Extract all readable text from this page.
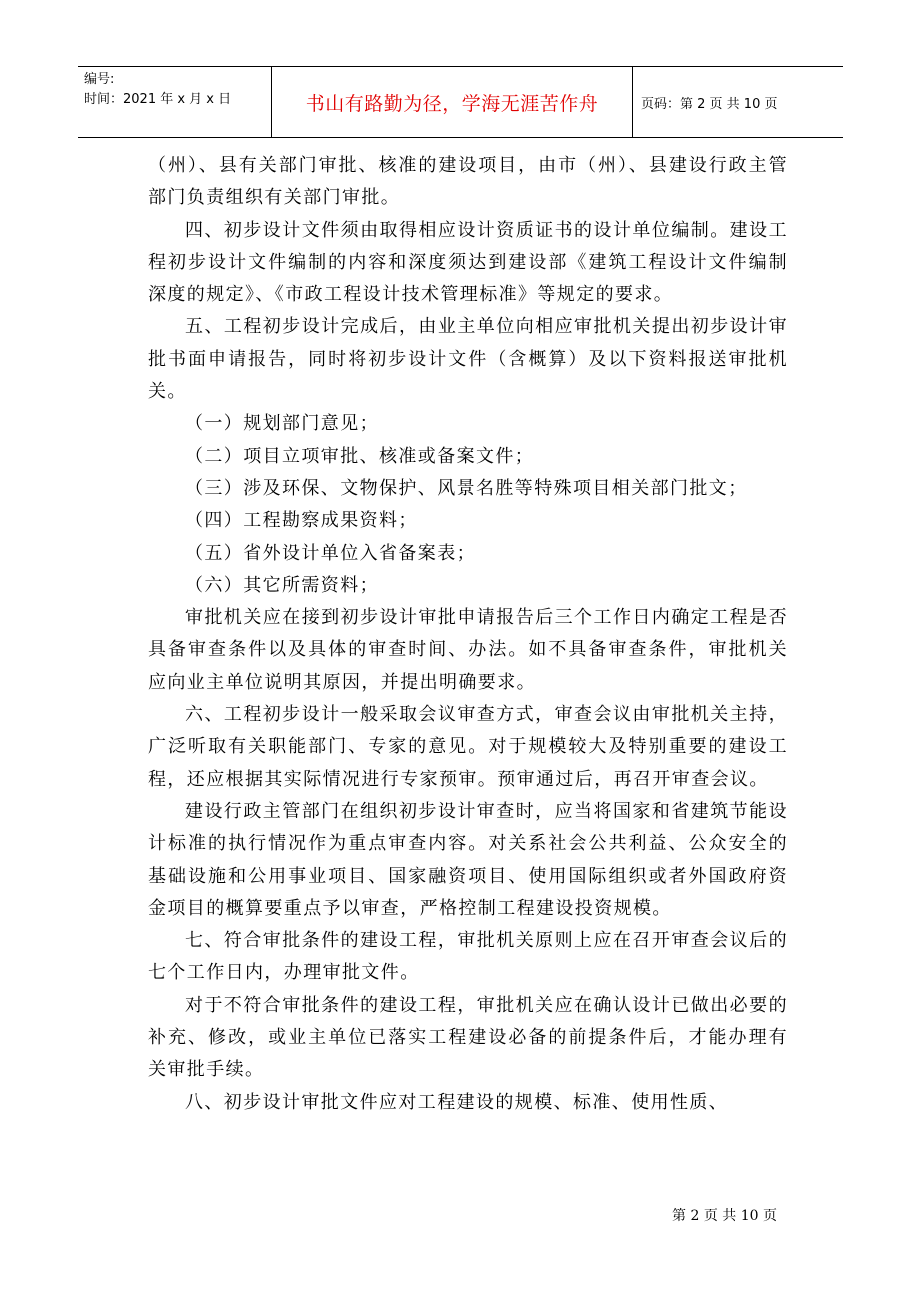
编号:
时间：2021 年 x 月 x 日	书山有路勤为径，学海无涯苦作舟	页码：第 2 页 共 10 页

（州）、县有关部门审批、核准的建设项目，由市（州）、县建设行政主管部门负责组织有关部门审批。

四、初步设计文件须由取得相应设计资质证书的设计单位编制。建设工程初步设计文件编制的内容和深度须达到建设部《建筑工程设计文件编制深度的规定》、《市政工程设计技术管理标准》等规定的要求。

五、工程初步设计完成后，由业主单位向相应审批机关提出初步设计审批书面申请报告，同时将初步设计文件（含概算）及以下资料报送审批机关。

（一）规划部门意见；

（二）项目立项审批、核准或备案文件；

（三）涉及环保、文物保护、风景名胜等特殊项目相关部门批文；

（四）工程勘察成果资料；

（五）省外设计单位入省备案表；

（六）其它所需资料；

审批机关应在接到初步设计审批申请报告后三个工作日内确定工程是否具备审查条件以及具体的审查时间、办法。如不具备审查条件，审批机关应向业主单位说明其原因，并提出明确要求。

六、工程初步设计一般采取会议审查方式，审查会议由审批机关主持，广泛听取有关职能部门、专家的意见。对于规模较大及特别重要的建设工程，还应根据其实际情况进行专家预审。预审通过后，再召开审查会议。

建设行政主管部门在组织初步设计审查时，应当将国家和省建筑节能设计标准的执行情况作为重点审查内容。对关系社会公共利益、公众安全的基础设施和公用事业项目、国家融资项目、使用国际组织或者外国政府资金项目的概算要重点予以审查，严格控制工程建设投资规模。

七、符合审批条件的建设工程，审批机关原则上应在召开审查会议后的七个工作日内，办理审批文件。

对于不符合审批条件的建设工程，审批机关应在确认设计已做出必要的补充、修改，或业主单位已落实工程建设必备的前提条件后，才能办理有关审批手续。

八、初步设计审批文件应对工程建设的规模、标准、使用性质、

第 2 页 共 10 页
